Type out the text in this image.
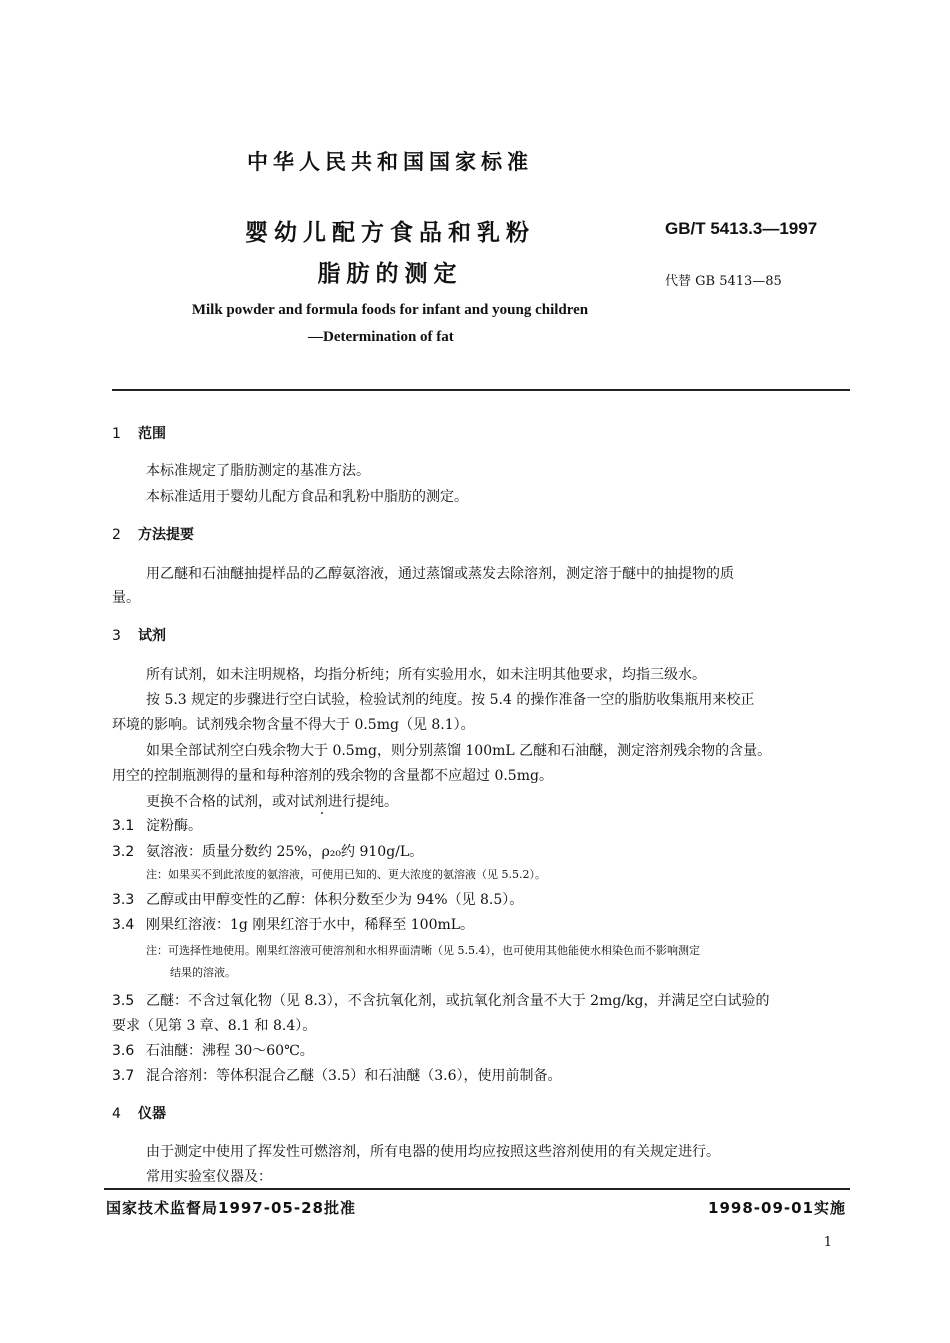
中华人民共和国国家标准
婴幼儿配方食品和乳粉
脂肪的测定
GB/T 5413.3—1997
代替 GB 5413—85
Milk powder and formula foods for infant and young children
—Determination of fat
1 范围
本标准规定了脂肪测定的基准方法。
本标准适用于婴幼儿配方食品和乳粉中脂肪的测定。
2 方法提要
用乙醚和石油醚抽提样品的乙醇氨溶液，通过蒸馏或蒸发去除溶剂，测定溶于醚中的抽提物的质
量。
3 试剂
所有试剂，如未注明规格，均指分析纯；所有实验用水，如未注明其他要求，均指三级水。
按 5.3 规定的步骤进行空白试验，检验试剂的纯度。按 5.4 的操作准备一空的脂肪收集瓶用来校正
环境的影响。试剂残余物含量不得大于 0.5mg（见 8.1）。
如果全部试剂空白残余物大于 0.5mg，则分别蒸馏 100mL 乙醚和石油醚，测定溶剂残余物的含量。
用空的控制瓶测得的量和每种溶剂的残余物的含量都不应超过 0.5mg。
更换不合格的试剂，或对试剂进行提纯。
3.1 淀粉酶。
3.2 氨溶液：质量分数约 25%，ρ₂₀约 910g/L。
注：如果买不到此浓度的氨溶液，可使用已知的、更大浓度的氨溶液（见 5.5.2）。
3.3 乙醇或由甲醇变性的乙醇：体积分数至少为 94%（见 8.5）。
3.4 刚果红溶液：1g 刚果红溶于水中，稀释至 100mL。
注：可选择性地使用。刚果红溶液可使溶剂和水相界面清晰（见 5.5.4），也可使用其他能使水相染色而不影响测定
结果的溶液。
3.5 乙醚：不含过氧化物（见 8.3），不含抗氧化剂，或抗氧化剂含量不大于 2mg/kg，并满足空白试验的
要求（见第 3 章、8.1 和 8.4）。
3.6 石油醚：沸程 30～60℃。
3.7 混合溶剂：等体积混合乙醚（3.5）和石油醚（3.6），使用前制备。
4 仪器
由于测定中使用了挥发性可燃溶剂，所有电器的使用均应按照这些溶剂使用的有关规定进行。
常用实验室仪器及：
国家技术监督局1997-05-28批准	1998-09-01实施
1
